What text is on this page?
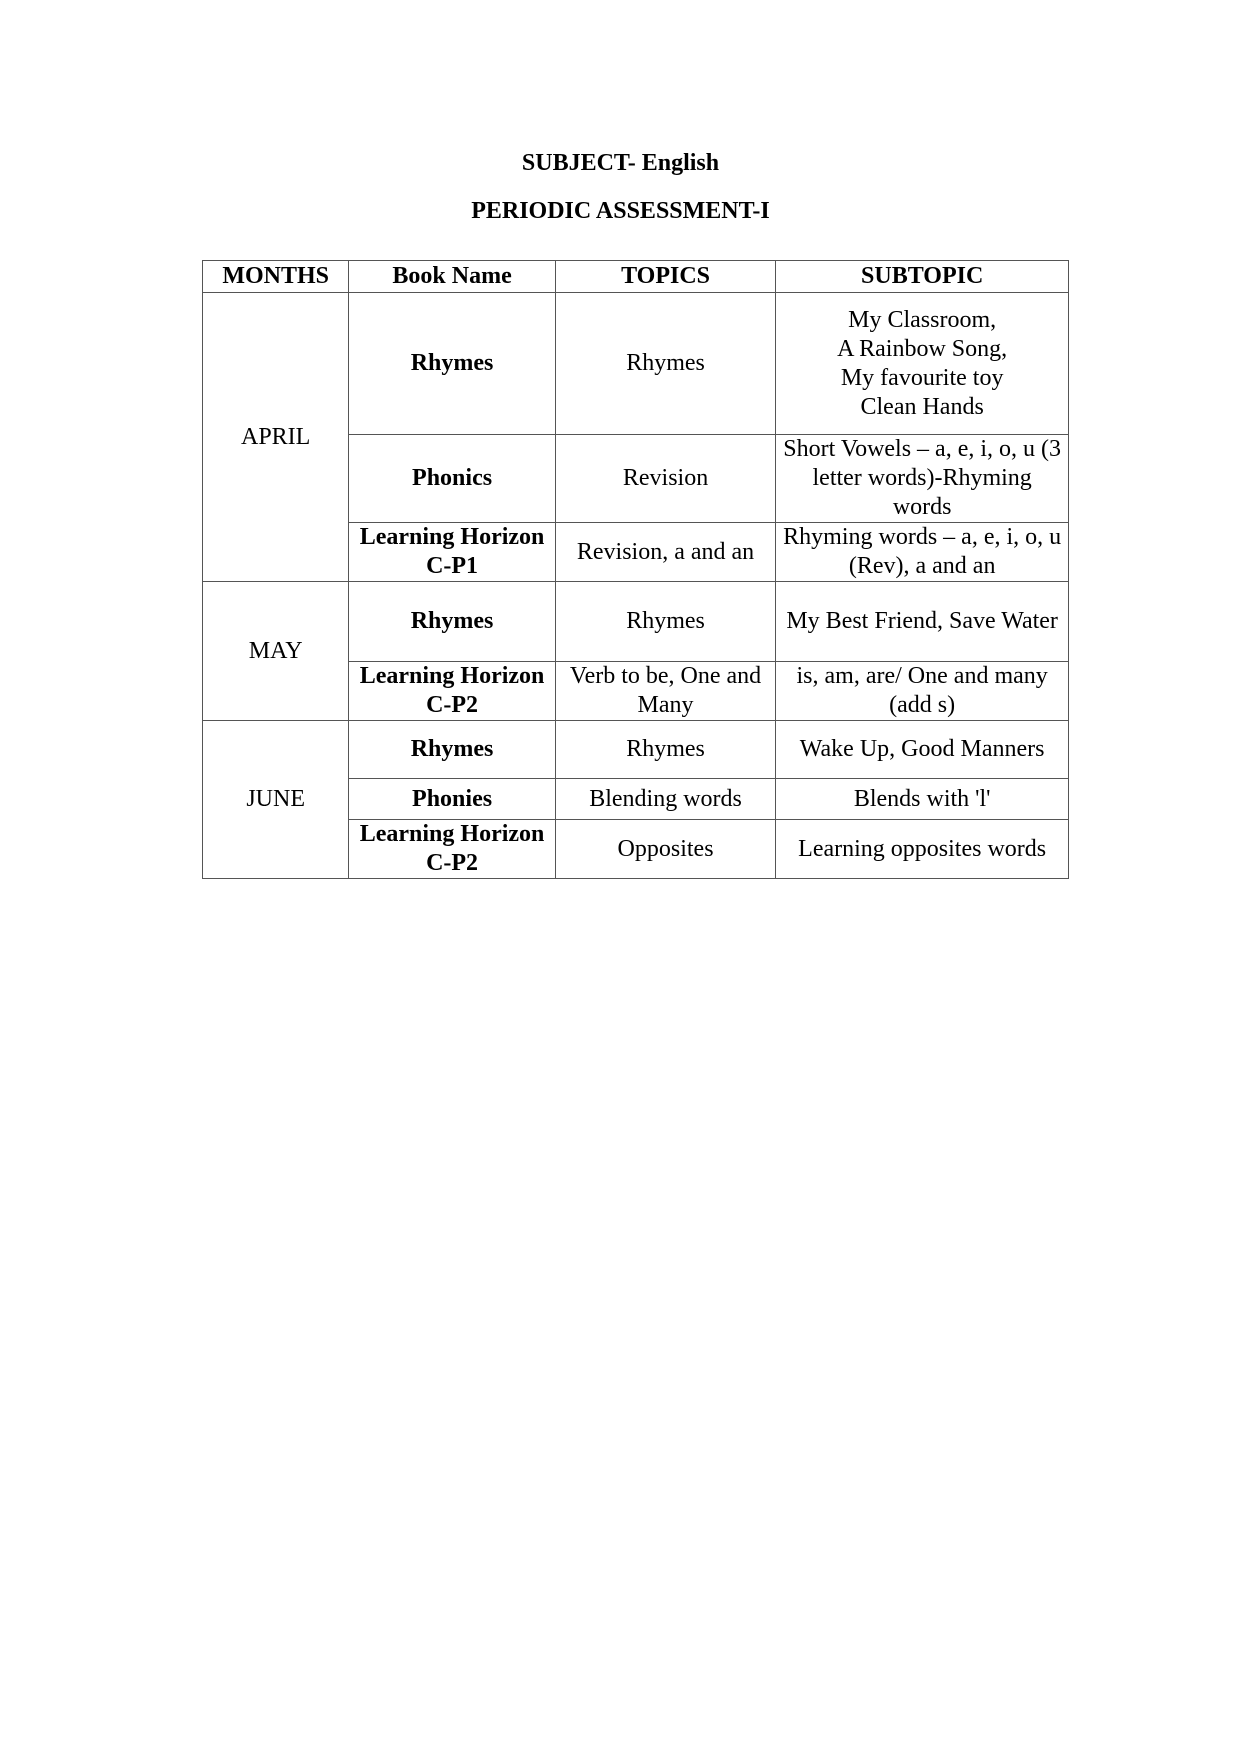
SUBJECT- English
PERIODIC ASSESSMENT-I
MONTHS	Book Name	TOPICS	SUBTOPIC
APRIL	Rhymes	Rhymes	My Classroom,
A Rainbow Song,
My favourite toy
Clean Hands
	Phonics	Revision	Short Vowels – a, e, i, o, u (3 letter words)-Rhyming words
	Learning Horizon C-P1	Revision, a and an	Rhyming words – a, e, i, o, u (Rev), a and an
MAY	Rhymes	Rhymes	My Best Friend, Save Water
	Learning Horizon C-P2	Verb to be, One and Many	is, am, are/ One and many (add s)
JUNE	Rhymes	Rhymes	Wake Up, Good Manners
	Phonies	Blending words	Blends with 'l'
	Learning Horizon C-P2	Opposites	Learning opposites words
